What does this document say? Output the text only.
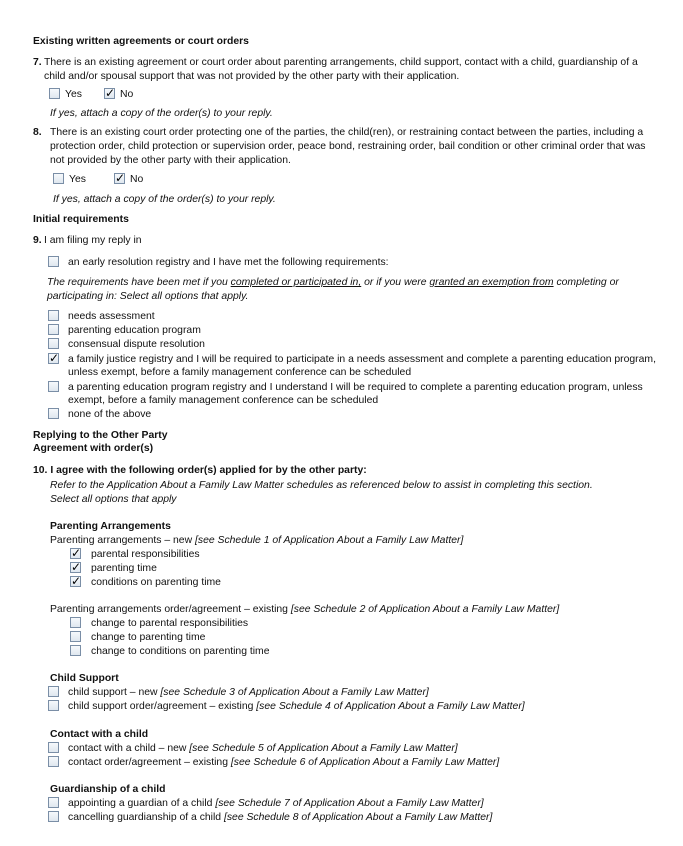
Existing written agreements or court orders
7. There is an existing agreement or court order about parenting arrangements, child support, contact with a child, guardianship of a
child and/or spousal support that was not provided by the other party with their application.
Yes ✓	No
If yes, attach a copy of the order(s) to your reply.
8. There is an existing court order protecting one of the parties, the child(ren), or restraining contact between the parties, including a
protection order, child protection or supervision order, peace bond, restraining order, bail condition or other criminal order that was
not provided by the other party with their application.
Yes ✓	No
If yes, attach a copy of the order(s) to your reply.
Initial requirements
9. I am filing my reply in
an early resolution registry and I have met the following requirements:
The requirements have been met if you completed or participated in, or if you were granted an exemption from completing or
participating in: Select all options that apply.
needs assessment
parenting education program
consensual dispute resolution
✓
a family justice registry and I will be required to participate in a needs assessment and complete a parenting education program,
unless exempt, before a family management conference can be scheduled
a parenting education program registry and I understand I will be required to complete a parenting education program, unless
exempt, before a family management conference can be scheduled
none of the above
Replying to the Other Party
Agreement with order(s)
10. I agree with the following order(s) applied for by the other party:
Refer to the Application About a Family Law Matter schedules as referenced below to assist in completing this section.
Select all options that apply
Parenting Arrangements
Parenting arrangements – new [see Schedule 1 of Application About a Family Law Matter]
✓
parental responsibilities
✓
parenting time
✓
conditions on parenting time
Parenting arrangements order/agreement – existing [see Schedule 2 of Application About a Family Law Matter]
change to parental responsibilities
change to parenting time
change to conditions on parenting time
Child Support
child support – new [see Schedule 3 of Application About a Family Law Matter]
child support order/agreement – existing [see Schedule 4 of Application About a Family Law Matter]
Contact with a child
contact with a child – new [see Schedule 5 of Application About a Family Law Matter]
contact order/agreement – existing [see Schedule 6 of Application About a Family Law Matter]
Guardianship of a child
appointing a guardian of a child [see Schedule 7 of Application About a Family Law Matter]
cancelling guardianship of a child [see Schedule 8 of Application About a Family Law Matter]
